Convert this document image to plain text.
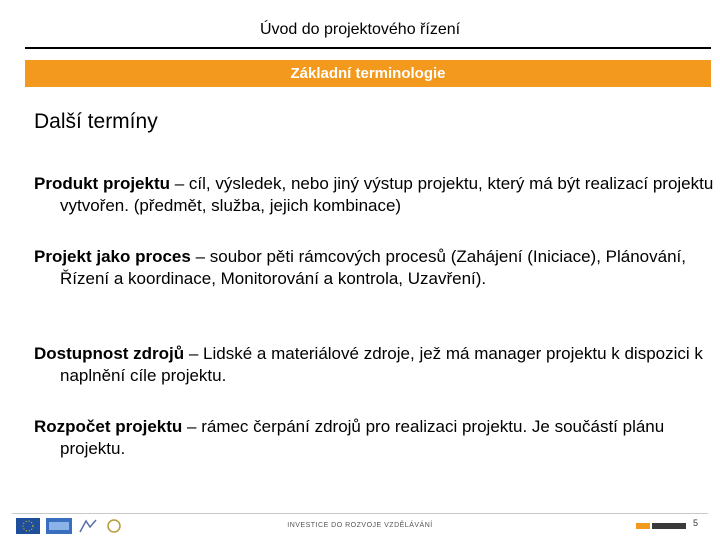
Úvod do projektového řízení
Základní terminologie
Další termíny
Produkt projektu – cíl, výsledek, nebo jiný výstup projektu, který má být realizací projektu vytvořen. (předmět, služba, jejich kombinace)
Projekt jako proces – soubor pěti rámcových procesů (Zahájení (Iniciace), Plánování, Řízení a koordinace, Monitorování a kontrola, Uzavření).
Dostupnost zdrojů – Lidské a materiálové zdroje, jež má manager projektu k dispozici k naplnění cíle projektu.
Rozpočet projektu – rámec čerpání zdrojů pro realizaci projektu. Je součástí plánu projektu.
INVESTICE DO ROZVOJE VZDĚLÁVÁNÍ	5
